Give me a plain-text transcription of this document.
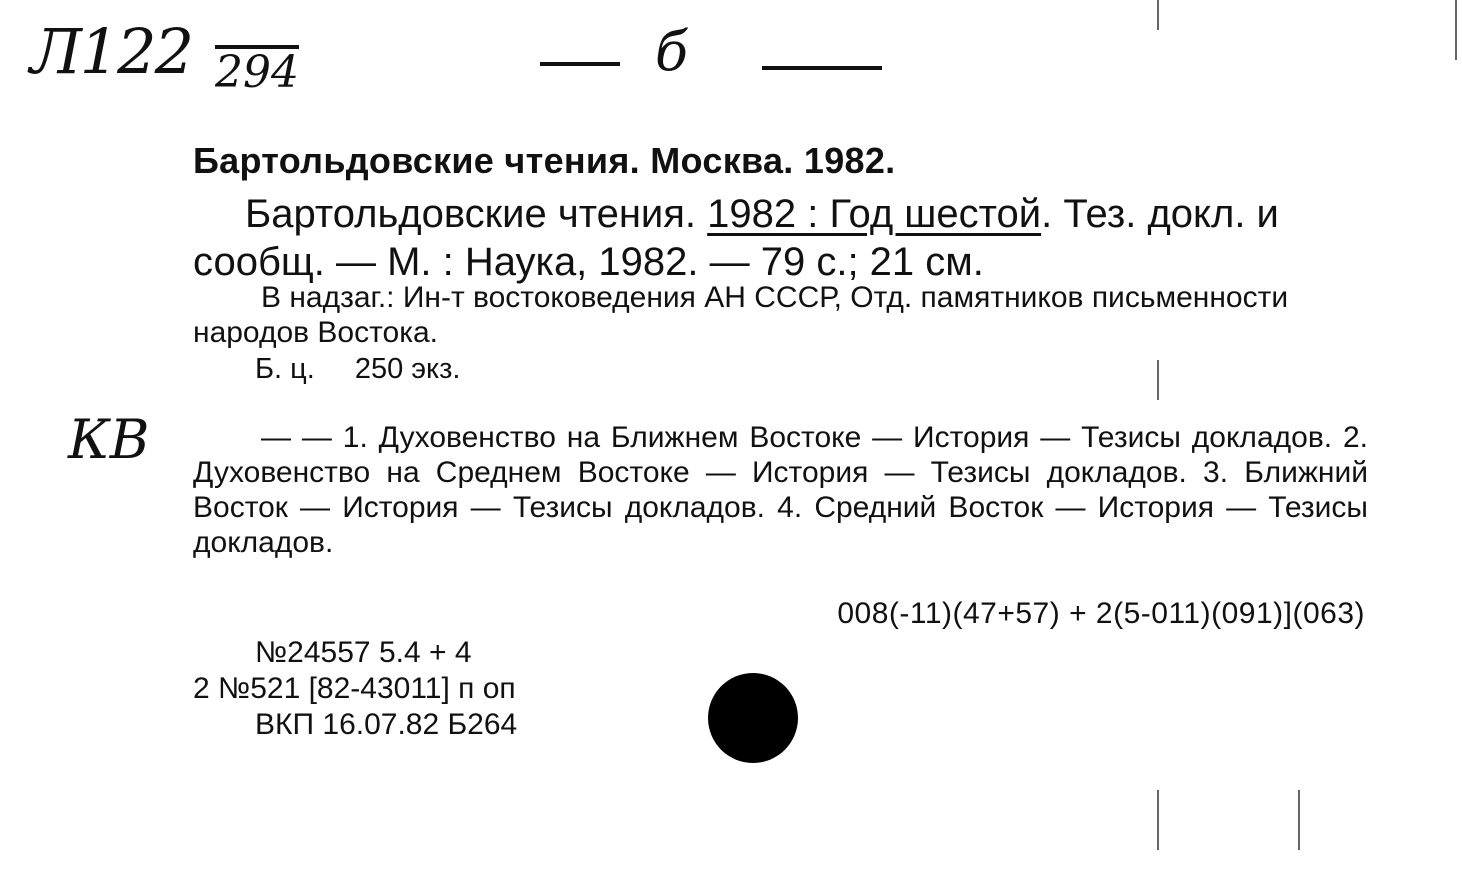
Л122 294	б
КВ
Бартольдовские чтения. Москва. 1982.

Бартольдовские чтения. 1982 : Год шестой. Тез. докл. и сообщ. — М. : Наука, 1982. — 79 с.; 21 см.

В надзаг.: Ин-т востоковедения АН СССР, Отд. памятников письменности народов Востока.

Б. ц. 250 экз.

— — 1. Духовенство на Ближнем Востоке — История — Тезисы докладов. 2. Духовенство на Среднем Востоке — История — Тезисы докладов. 3. Ближний Восток — История — Тезисы докладов. 4. Средний Восток — История — Тезисы докладов.

008(-11)(47+57) + 2(5-011)(091)](063)
№24557 5.4 + 4
2 №521 [82-43011] п оп
ВКП 16.07.82 Б264
